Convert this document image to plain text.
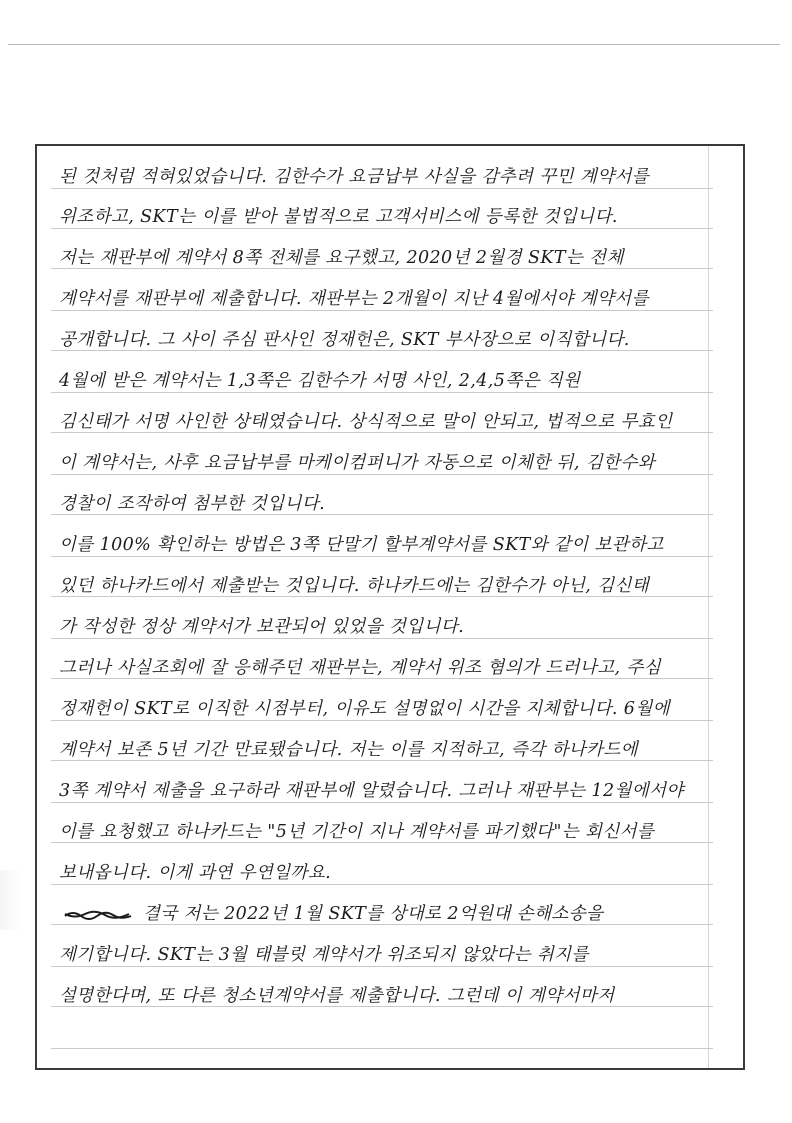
된 것처럼 적혀있었습니다. 김한수가 요금납부 사실을 감추려 꾸민 계약서를
위조하고, SKT는 이를 받아 불법적으로 고객서비스에 등록한 것입니다.
저는 재판부에 계약서 8쪽 전체를 요구했고, 2020년 2월경 SKT는 전체
계약서를 재판부에 제출합니다. 재판부는 2개월이 지난 4월에서야 계약서를
공개합니다. 그 사이 주심 판사인 정재헌은, SKT 부사장으로 이직합니다.
4월에 받은 계약서는 1,3쪽은 김한수가 서명 사인, 2,4,5쪽은 직원
김신태가 서명 사인한 상태였습니다. 상식적으로 말이 안되고, 법적으로 무효인
이 계약서는, 사후 요금납부를 마케이컴퍼니가 자동으로 이체한 뒤, 김한수와
경찰이 조작하여 첨부한 것입니다.
이를 100% 확인하는 방법은 3쪽 단말기 할부계약서를 SKT와 같이 보관하고
있던 하나카드에서 제출받는 것입니다. 하나카드에는 김한수가 아닌, 김신태
가 작성한 정상 계약서가 보관되어 있었을 것입니다.
그러나 사실조회에 잘 응해주던 재판부는, 계약서 위조 혐의가 드러나고, 주심
정재헌이 SKT로 이직한 시점부터, 이유도 설명없이 시간을 지체합니다. 6월에
계약서 보존 5년 기간 만료됐습니다. 저는 이를 지적하고, 즉각 하나카드에
3쪽 계약서 제출을 요구하라 재판부에 알렸습니다. 그러나 재판부는 12월에서야
이를 요청했고 하나카드는 "5년 기간이 지나 계약서를 파기했다"는 회신서를
보내옵니다. 이게 과연 우연일까요.
결국 저는 2022년 1월 SKT를 상대로 2억원대 손해소송을
제기합니다. SKT는 3월 태블릿 계약서가 위조되지 않았다는 취지를
설명한다며, 또 다른 청소년계약서를 제출합니다. 그런데 이 계약서마저
